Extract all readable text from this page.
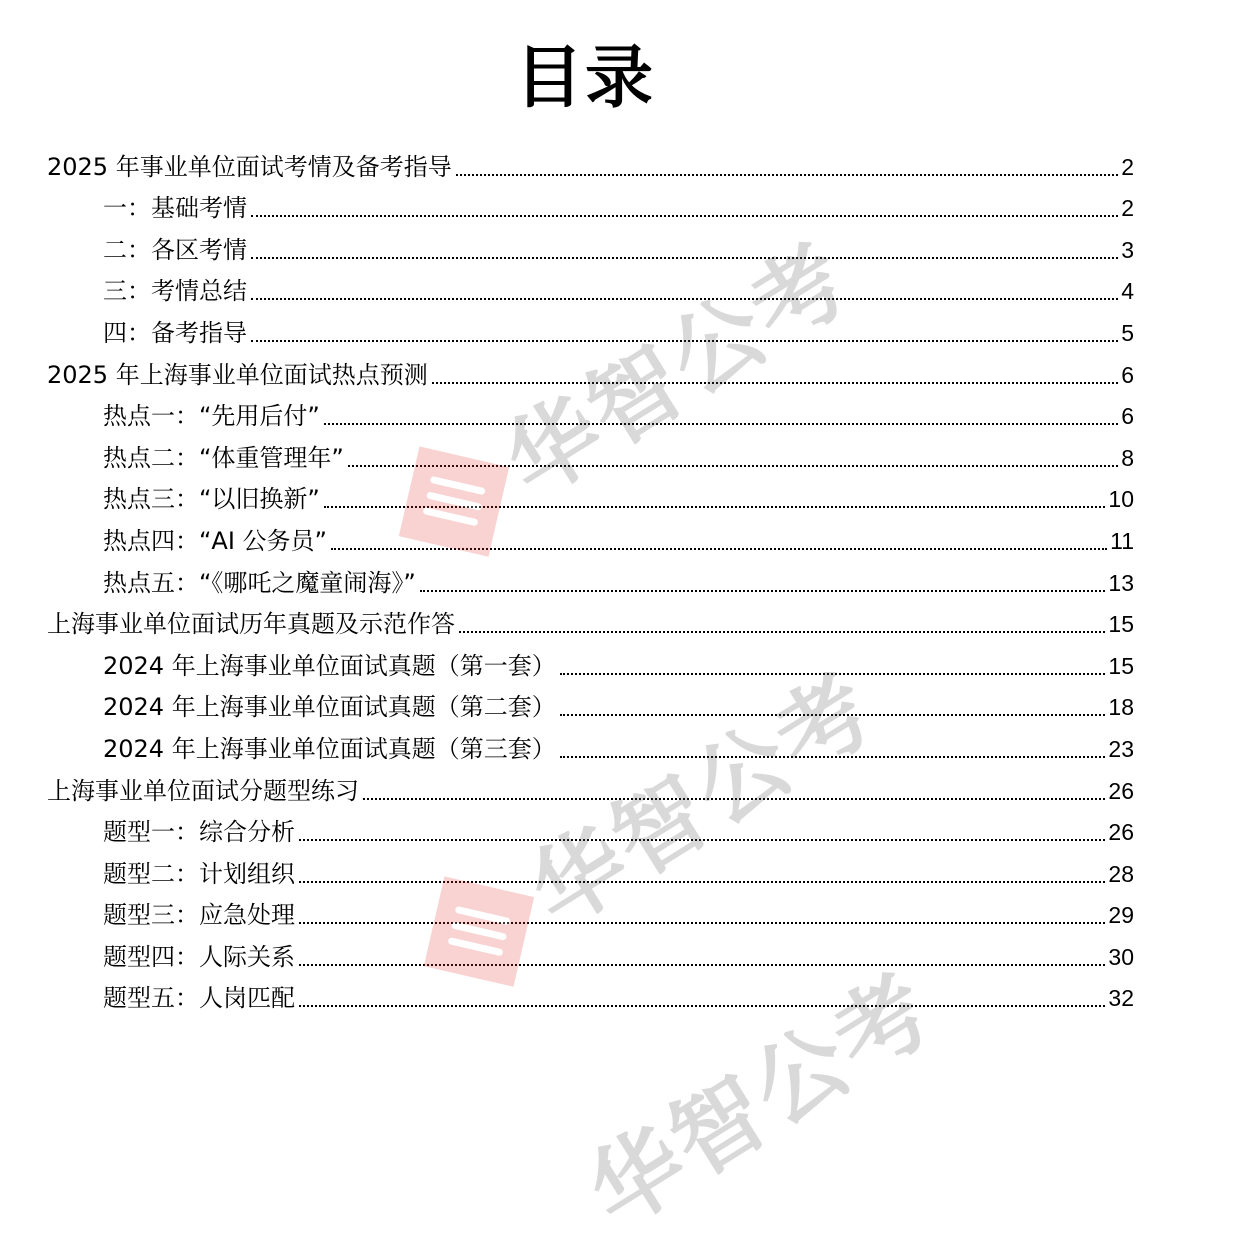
目录
2025 年事业单位面试考情及备考指导	2
一：基础考情	2
二：各区考情	3
三：考情总结	4
四：备考指导	5
2025 年上海事业单位面试热点预测	6
热点一：“先用后付”	6
热点二：“体重管理年”	8
热点三：“以旧换新”	10
热点四：“AI 公务员”	11
热点五：“《哪吒之魔童闹海》”	13
上海事业单位面试历年真题及示范作答	15
2024 年上海事业单位面试真题（第一套）	15
2024 年上海事业单位面试真题（第二套）	18
2024 年上海事业单位面试真题（第三套）	23
上海事业单位面试分题型练习	26
题型一：综合分析	26
题型二：计划组织	28
题型三：应急处理	29
题型四：人际关系	30
题型五：人岗匹配	32
华智公考
华智公考
华智公考
